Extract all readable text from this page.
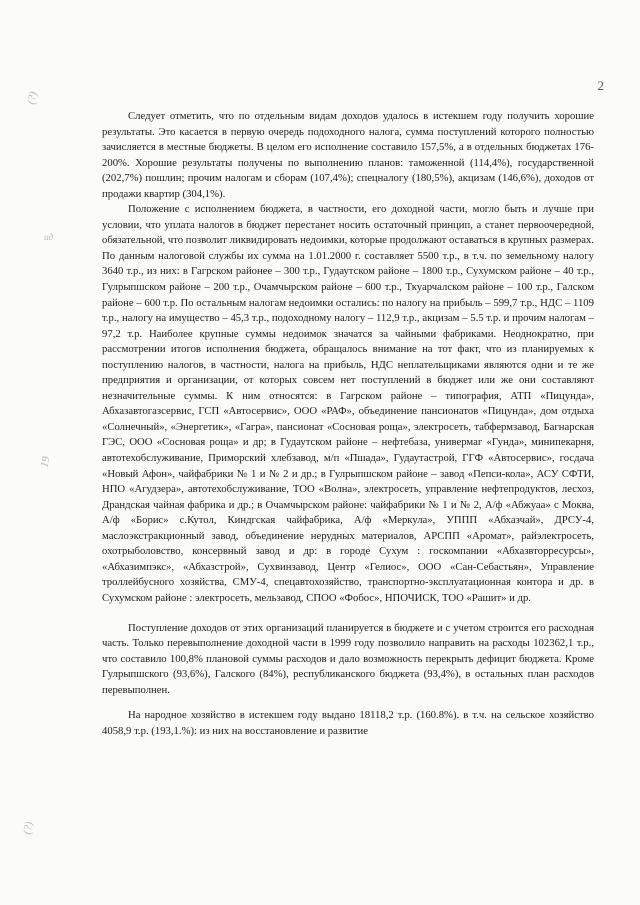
2
(?)
ид
19
(?)

Следует отметить, что по отдельным видам доходов удалось в истекшем году получить хорошие результаты. Это касается в первую очередь подоходного налога, сумма поступлений которого полностью зачисляется в местные бюджеты. В целом его исполнение составило 157,5%, а в отдельных бюджетах 176-200%. Хорошие результаты получены по выполнению планов: таможенной (114,4%), государственной (202,7%) пошлин; прочим налогам и сборам (107,4%); спецналогу (180,5%), акцизам (146,6%), доходов от продажи квартир (304,1%).

Положение с исполнением бюджета, в частности, его доходной части, могло быть и лучше при условии, что уплата налогов в бюджет перестанет носить остаточный принцип, а станет первоочередной, обязательной, что позволит ликвидировать недоимки, которые продолжают оставаться в крупных размерах. По данным налоговой службы их сумма на 1.01.2000 г. составляет 5500 т.р., в т.ч. по земельному налогу 3640 т.р., из них: в Гагрском районее – 300 т.р., Гудаутском районе – 1800 т.р., Сухумском районе – 40 т.р., Гулрыпшском районе – 200 т.р., Очамчырском районе – 600 т.р., Ткуарчалском районе – 100 т.р., Галском районе – 600 т.р. По остальным налогам недоимки остались: по налогу на прибыль – 599,7 т.р., НДС – 1109 т.р., налогу на имущество – 45,3 т.р., подоходному налогу – 112,9 т.р., акцизам – 5.5 т.р. и прочим налогам – 97,2 т.р. Наиболее крупные суммы недоимок значатся за чайными фабриками. Неоднократно, при рассмотрении итогов исполнения бюджета, обращалось внимание на тот факт, что из планируемых к поступлению налогов, в частности, налога на прибыль, НДС неплательщиками являются одни и те же предприятия и организации, от которых совсем нет поступлений в бюджет или же они составляют незначительные суммы. К ним относятся: в Гагрском районе – типография, АТП «Пицунда», Абхазавтогазсервис, ГСП «Автосервис», ООО «РАФ», объединение пансионатов «Пицунда», дом отдыха «Солнечный», «Энергетик», «Гагра», пансионат «Сосновая роща», электросеть, табфермзавод, Багнарская ГЭС, ООО «Сосновая роща» и др; в Гудаутском районе – нефтебаза, универмаг «Гунда», минипекарня, автотехобслуживание, Приморский хлебзавод, м/п «Пшада», Гудаутастрой, ГГФ «Автосервис», госдача «Новый Афон», чайфабрики № 1 и № 2 и др.; в Гулрыпшском районе – завод «Пепси-кола», АСУ СФТИ, НПО «Агудзера», автотехобслуживание, ТОО «Волна», электросеть, управление нефтепродуктов, лесхоз, Драндская чайная фабрика и др.; в Очамчырском районе: чайфабрики № 1 и № 2, А/ф «Абжуаа» с Моква, А/ф «Борис» с.Кутол, Киндгская чайфабрика, А/ф «Меркула», УППП «Абхазчай», ДРСУ-4, маслоэкстракционный завод, объединение нерудных материалов, АРСПП «Аромат», райэлектросеть, охотрыболовство, консервный завод и др: в городе Сухум : госкомпании «Абхазвторресурсы», «Абхазимпэкс», «Абхазстрой», Сухвинзавод, Центр «Гелиос», ООО «Сан-Себастьян», Управление троллейбусного хозяйства, СМУ-4, спецавтохозяйство, транспортно-эксплуатационная контора и др. в Сухумском районе : электросеть, мельзавод, СПОО «Фобос», НПОЧИСК, ТОО «Рашит» и др.

Поступление доходов от этих организаций планируется в бюджете и с учетом строится его расходная часть. Только перевыполнение доходной части в 1999 году позволило направить на расходы 102362,1 т.р., что составило 100,8% плановой суммы расходов и дало возможность перекрыть дефицит бюджета. Кроме Гулрыпшского (93,6%), Галского (84%), республиканского бюджета (93,4%), в остальных план расходов перевыполнен.

На народное хозяйство в истекшем году выдано 18118,2 т.р. (160.8%). в т.ч. на сельское хозяйство 4058,9 т.р. (193,1.%): из них на восстановление и развитие
